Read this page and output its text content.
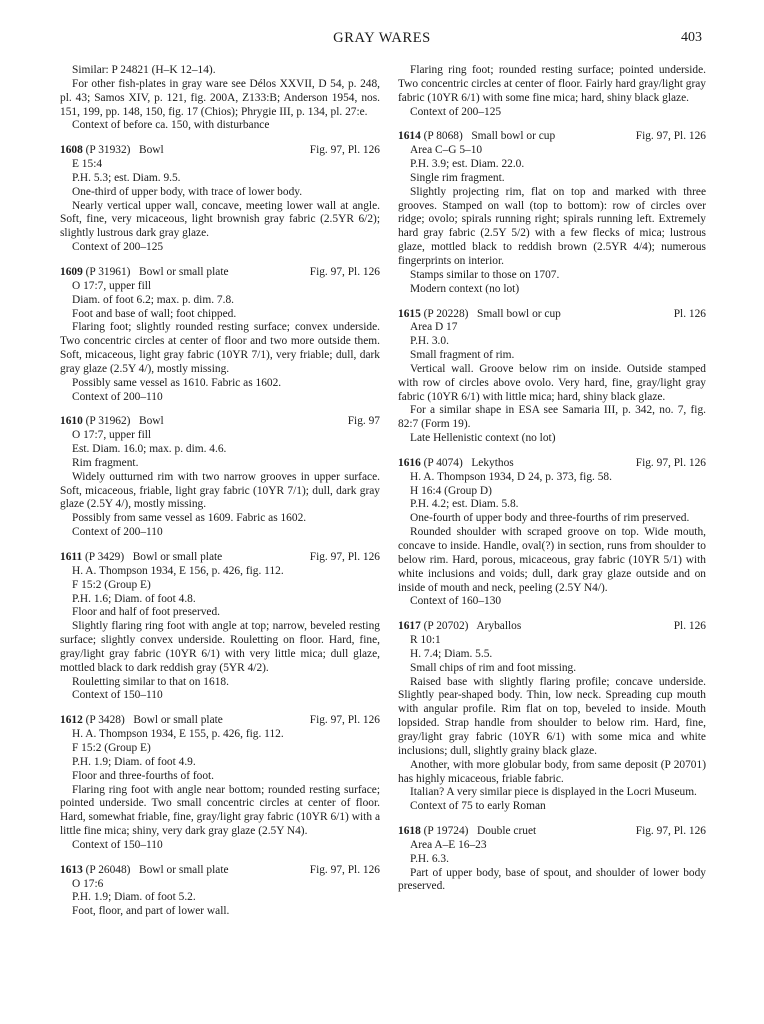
GRAY WARES	403

Similar: P 24821 (H–K 12–14).

For other fish-plates in gray ware see Délos XXVII, D 54, p. 248, pl. 43; Samos XIV, p. 121, fig. 200A, Z133:B; Anderson 1954, nos. 151, 199, pp. 148, 150, fig. 17 (Chios); Phrygie III, p. 134, pl. 27:e.

Context of before ca. 150, with disturbance

1608 (P 31932) Bowl	Fig. 97, Pl. 126

E 15:4

P.H. 5.3; est. Diam. 9.5.

One-third of upper body, with trace of lower body.

Nearly vertical upper wall, concave, meeting lower wall at angle. Soft, fine, very micaceous, light brownish gray fabric (2.5YR 6/2); slightly lustrous dark gray glaze.

Context of 200–125

1609 (P 31961) Bowl or small plate	Fig. 97, Pl. 126

O 17:7, upper fill

Diam. of foot 6.2; max. p. dim. 7.8.

Foot and base of wall; foot chipped.

Flaring foot; slightly rounded resting surface; convex underside. Two concentric circles at center of floor and two more outside them. Soft, micaceous, light gray fabric (10YR 7/1), very friable; dull, dark gray glaze (2.5Y 4/), mostly missing.

Possibly same vessel as 1610. Fabric as 1602.

Context of 200–110

1610 (P 31962) Bowl	Fig. 97

O 17:7, upper fill

Est. Diam. 16.0; max. p. dim. 4.6.

Rim fragment.

Widely outturned rim with two narrow grooves in upper surface. Soft, micaceous, friable, light gray fabric (10YR 7/1); dull, dark gray glaze (2.5Y 4/), mostly missing.

Possibly from same vessel as 1609. Fabric as 1602.

Context of 200–110

1611 (P 3429) Bowl or small plate	Fig. 97, Pl. 126

H. A. Thompson 1934, E 156, p. 426, fig. 112.

F 15:2 (Group E)

P.H. 1.6; Diam. of foot 4.8.

Floor and half of foot preserved.

Slightly flaring ring foot with angle at top; narrow, beveled resting surface; slightly convex underside. Rouletting on floor. Hard, fine, gray/light gray fabric (10YR 6/1) with very little mica; dull glaze, mottled black to dark reddish gray (5YR 4/2).

Rouletting similar to that on 1618.

Context of 150–110

1612 (P 3428) Bowl or small plate	Fig. 97, Pl. 126

H. A. Thompson 1934, E 155, p. 426, fig. 112.

F 15:2 (Group E)

P.H. 1.9; Diam. of foot 4.9.

Floor and three-fourths of foot.

Flaring ring foot with angle near bottom; rounded resting surface; pointed underside. Two small concentric circles at center of floor. Hard, somewhat friable, fine, gray/light gray fabric (10YR 6/1) with a little fine mica; shiny, very dark gray glaze (2.5Y N4).

Context of 150–110

1613 (P 26048) Bowl or small plate	Fig. 97, Pl. 126

O 17:6

P.H. 1.9; Diam. of foot 5.2.

Foot, floor, and part of lower wall.

Flaring ring foot; rounded resting surface; pointed underside. Two concentric circles at center of floor. Fairly hard gray/light gray fabric (10YR 6/1) with some fine mica; hard, shiny black glaze.

Context of 200–125

1614 (P 8068) Small bowl or cup	Fig. 97, Pl. 126

Area C–G 5–10

P.H. 3.9; est. Diam. 22.0.

Single rim fragment.

Slightly projecting rim, flat on top and marked with three grooves. Stamped on wall (top to bottom): row of circles over ridge; ovolo; spirals running right; spirals running left. Extremely hard gray fabric (2.5Y 5/2) with a few flecks of mica; lustrous glaze, mottled black to reddish brown (2.5YR 4/4); numerous fingerprints on interior.

Stamps similar to those on 1707.

Modern context (no lot)

1615 (P 20228) Small bowl or cup	Pl. 126

Area D 17

P.H. 3.0.

Small fragment of rim.

Vertical wall. Groove below rim on inside. Outside stamped with row of circles above ovolo. Very hard, fine, gray/light gray fabric (10YR 6/1) with little mica; hard, shiny black glaze.

For a similar shape in ESA see Samaria III, p. 342, no. 7, fig. 82:7 (Form 19).

Late Hellenistic context (no lot)

1616 (P 4074) Lekythos	Fig. 97, Pl. 126

H. A. Thompson 1934, D 24, p. 373, fig. 58.

H 16:4 (Group D)

P.H. 4.2; est. Diam. 5.8.

One-fourth of upper body and three-fourths of rim preserved.

Rounded shoulder with scraped groove on top. Wide mouth, concave to inside. Handle, oval(?) in section, runs from shoulder to below rim. Hard, porous, micaceous, gray fabric (10YR 5/1) with white inclusions and voids; dull, dark gray glaze outside and on inside of mouth and neck, peeling (2.5Y N4/).

Context of 160–130

1617 (P 20702) Aryballos	Pl. 126

R 10:1

H. 7.4; Diam. 5.5.

Small chips of rim and foot missing.

Raised base with slightly flaring profile; concave underside. Slightly pear-shaped body. Thin, low neck. Spreading cup mouth with angular profile. Rim flat on top, beveled to inside. Mouth lopsided. Strap handle from shoulder to below rim. Hard, fine, gray/light gray fabric (10YR 6/1) with some mica and white inclusions; dull, slightly grainy black glaze.

Another, with more globular body, from same deposit (P 20701) has highly micaceous, friable fabric.

Italian? A very similar piece is displayed in the Locri Museum.

Context of 75 to early Roman

1618 (P 19724) Double cruet	Fig. 97, Pl. 126

Area A–E 16–23

P.H. 6.3.

Part of upper body, base of spout, and shoulder of lower body preserved.
